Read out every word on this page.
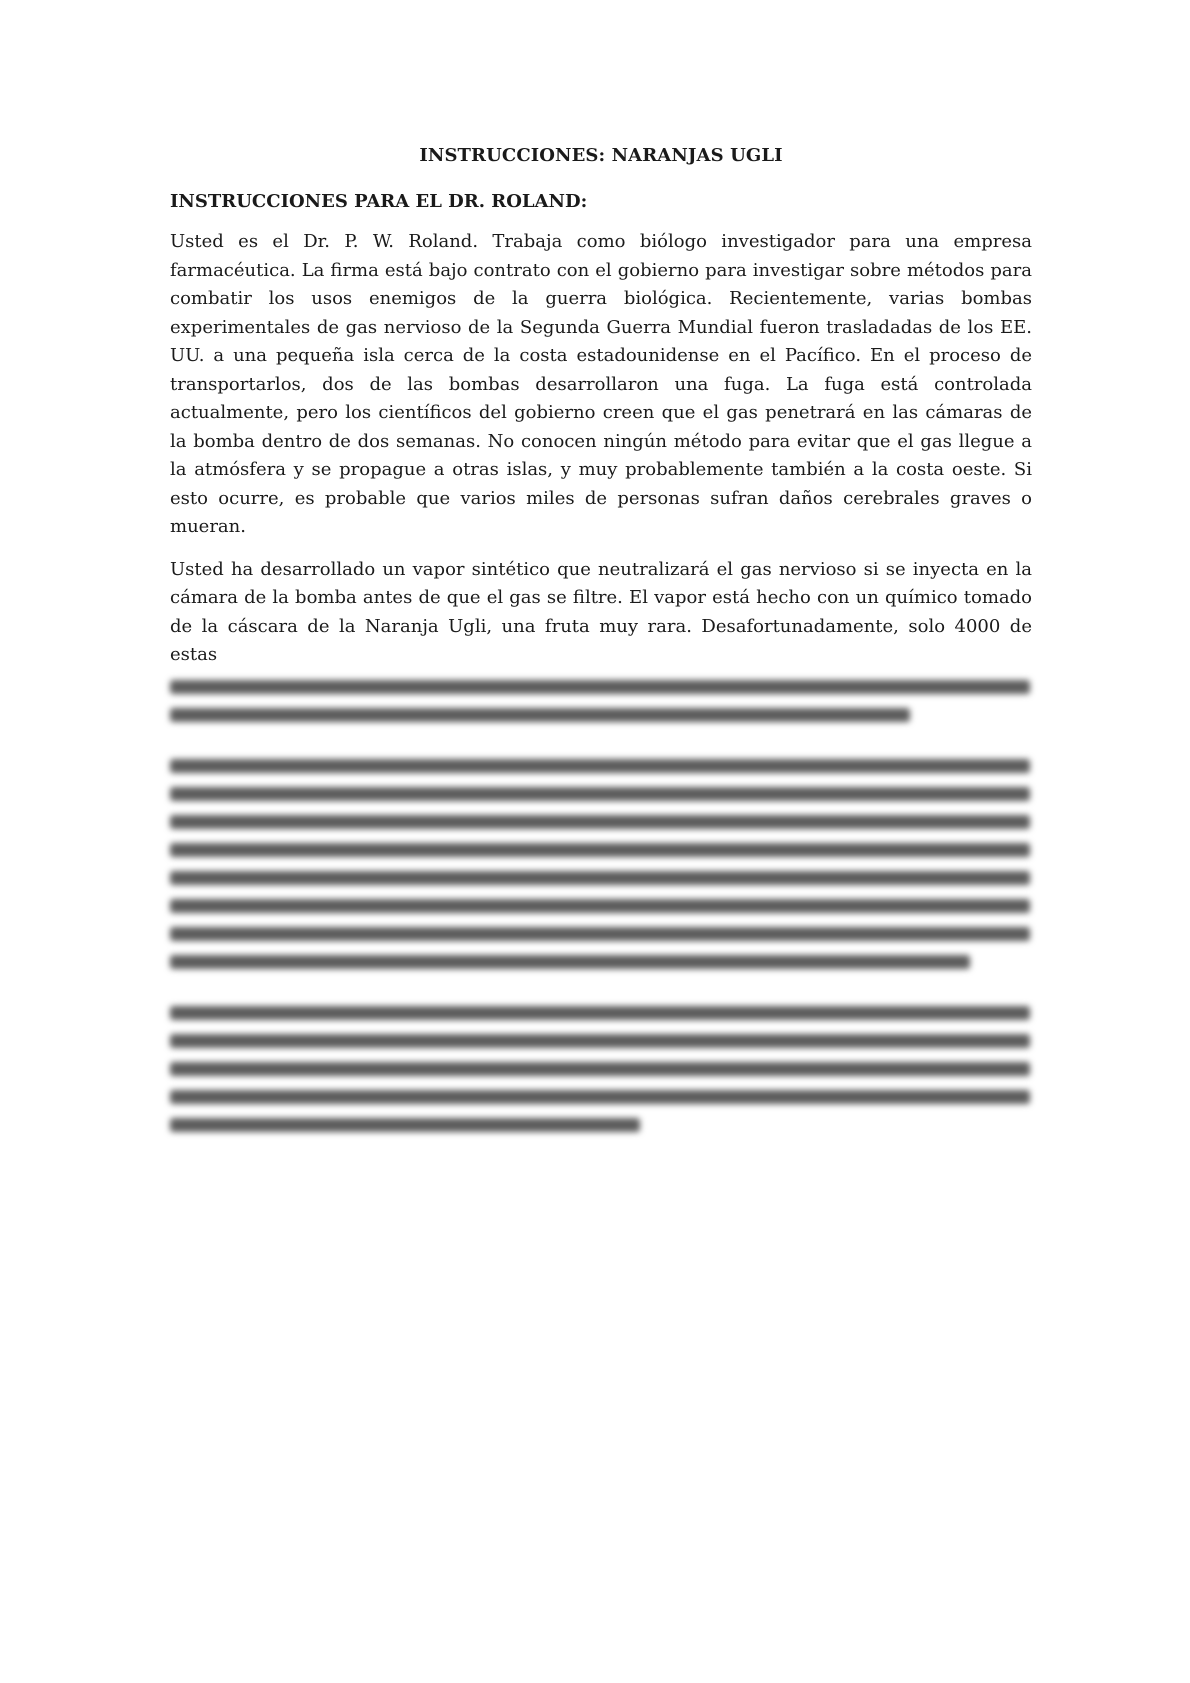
INSTRUCCIONES: NARANJAS UGLI
INSTRUCCIONES PARA EL DR. ROLAND:

Usted es el Dr. P. W. Roland. Trabaja como biólogo investigador para una empresa farmacéutica. La firma está bajo contrato con el gobierno para investigar sobre métodos para combatir los usos enemigos de la guerra biológica. Recientemente, varias bombas experimentales de gas nervioso de la Segunda Guerra Mundial fueron trasladadas de los EE. UU. a una pequeña isla cerca de la costa estadounidense en el Pacífico. En el proceso de transportarlos, dos de las bombas desarrollaron una fuga. La fuga está controlada actualmente, pero los científicos del gobierno creen que el gas penetrará en las cámaras de la bomba dentro de dos semanas. No conocen ningún método para evitar que el gas llegue a la atmósfera y se propague a otras islas, y muy probablemente también a la costa oeste. Si esto ocurre, es probable que varios miles de personas sufran daños cerebrales graves o mueran.

Usted ha desarrollado un vapor sintético que neutralizará el gas nervioso si se inyecta en la cámara de la bomba antes de que el gas se filtre. El vapor está hecho con un químico tomado de la cáscara de la Naranja Ugli, una fruta muy rara. Desafortunadamente, solo 4000 de estas
